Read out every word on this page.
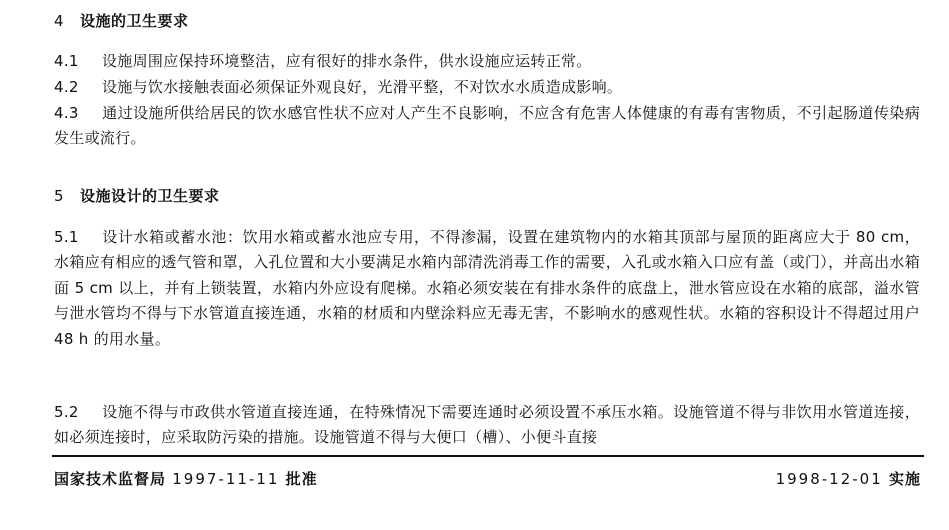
4 设施的卫生要求
4.1 设施周围应保持环境整洁，应有很好的排水条件，供水设施应运转正常。
4.2 设施与饮水接触表面必须保证外观良好，光滑平整，不对饮水水质造成影响。
4.3 通过设施所供给居民的饮水感官性状不应对人产生不良影响，不应含有危害人体健康的有毒有害物质，不引起肠道传染病发生或流行。
5 设施设计的卫生要求
5.1 设计水箱或蓄水池：饮用水箱或蓄水池应专用，不得渗漏，设置在建筑物内的水箱其顶部与屋顶的距离应大于 80 cm，水箱应有相应的透气管和罩，入孔位置和大小要满足水箱内部清洗消毒工作的需要，入孔或水箱入口应有盖（或门），并高出水箱面 5 cm 以上，并有上锁装置，水箱内外应设有爬梯。水箱必须安装在有排水条件的底盘上，泄水管应设在水箱的底部，溢水管与泄水管均不得与下水管道直接连通，水箱的材质和内壁涂料应无毒无害，不影响水的感观性状。水箱的容积设计不得超过用户 48 h 的用水量。
5.2 设施不得与市政供水管道直接连通，在特殊情况下需要连通时必须设置不承压水箱。设施管道不得与非饮用水管道连接，如必须连接时，应采取防污染的措施。设施管道不得与大便口（槽）、小便斗直接
国家技术监督局 1997-11-11 批准	1998-12-01 实施
